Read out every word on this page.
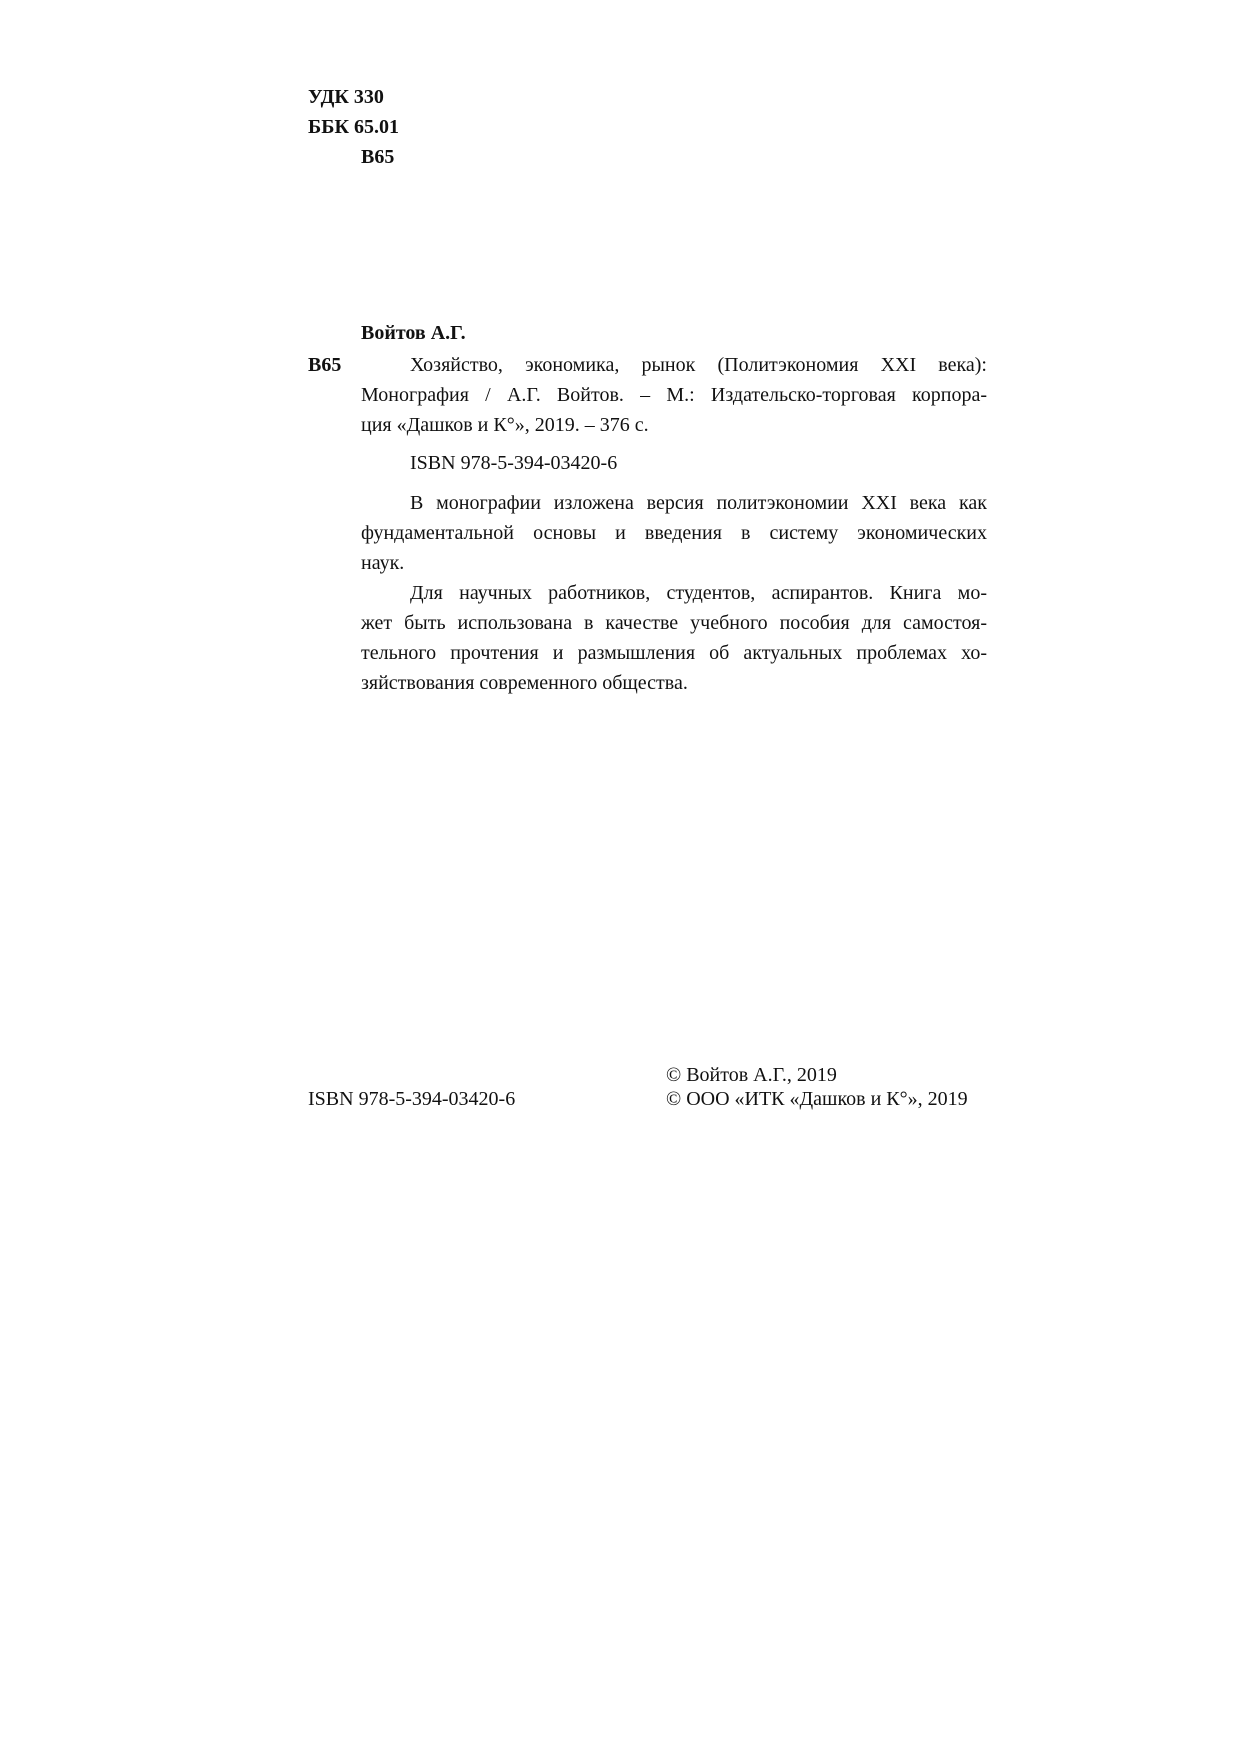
УДК 330
ББК 65.01
В65
Войтов А.Г.
В65	Хозяйство, экономика, рынок (Политэкономия XXI века):
Монография / А.Г. Войтов. – М.: Издательско-торговая корпора-
ция «Дашков и К°», 2019. – 376 с.
ISBN 978-5-394-03420-6
В монографии изложена версия политэкономии XXI века как
фундаментальной основы и введения в систему экономических
наук.
Для научных работников, студентов, аспирантов. Книга мо-
жет быть использована в качестве учебного пособия для самостоя-
тельного прочтения и размышления об актуальных проблемах хо-
зяйствования современного общества.
ISBN 978-5-394-03420-6
© Войтов А.Г., 2019
© ООО «ИТК «Дашков и К°», 2019
